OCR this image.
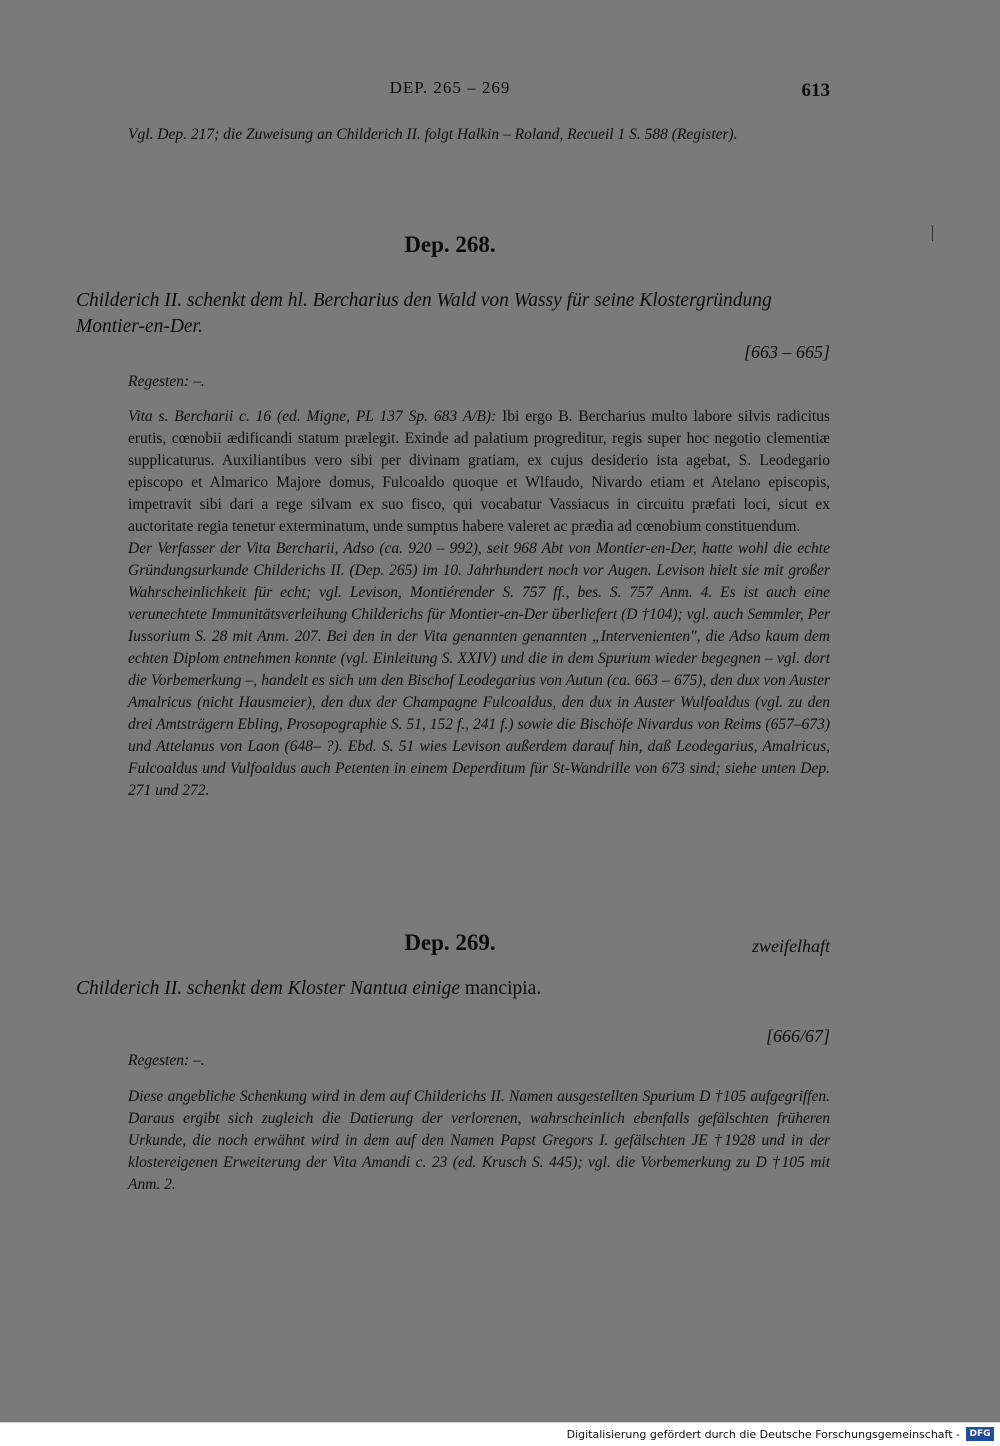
DEP. 265 – 269	613
Vgl. Dep. 217; die Zuweisung an Childerich II. folgt Halkin – Roland, Recueil 1 S. 588 (Register).
Dep. 268.
Childerich II. schenkt dem hl. Bercharius den Wald von Wassy für seine Klostergründung Montier-en-Der.
[663 – 665]
Regesten: –.

Vita s. Bercharii c. 16 (ed. Migne, PL 137 Sp. 683 A/B): Ibi ergo B. Bercharius multo labore silvis radicitus erutis, cœnobii ædificandi statum prælegit. Exinde ad palatium progreditur, regis super hoc negotio clementiæ supplicaturus. Auxiliantibus vero sibi per divinam gratiam, ex cujus desiderio ista agebat, S. Leodegario episcopo et Almarico Majore domus, Fulcoaldo quoque et Wlfaudo, Nivardo etiam et Atelano episcopis, impetravit sibi dari a rege silvam ex suo fisco, qui vocabatur Vassiacus in circuitu præfati loci, sicut ex auctoritate regia tenetur exterminatum, unde sumptus habere valeret ac prædia ad cœnobium constituendum.

Der Verfasser der Vita Bercharii, Adso (ca. 920 – 992), seit 968 Abt von Montier-en-Der, hatte wohl die echte Gründungsurkunde Childerichs II. (Dep. 265) im 10. Jahrhundert noch vor Augen. Levison hielt sie mit großer Wahrscheinlichkeit für echt; vgl. Levison, Montiérender S. 757 ff., bes. S. 757 Anm. 4. Es ist auch eine verunechtete Immunitätsverleihung Childerichs für Montier-en-Der überliefert (D †104); vgl. auch Semmler, Per Iussorium S. 28 mit Anm. 207. Bei den in der Vita genannten genannten „Intervenienten", die Adso kaum dem echten Diplom entnehmen konnte (vgl. Einleitung S. XXIV) und die in dem Spurium wieder begegnen – vgl. dort die Vorbemerkung –, handelt es sich um den Bischof Leodegarius von Autun (ca. 663 – 675), den dux von Auster Amalricus (nicht Hausmeier), den dux der Champagne Fulcoaldus, den dux in Auster Wulfoaldus (vgl. zu den drei Amtsträgern Ebling, Prosopographie S. 51, 152 f., 241 f.) sowie die Bischöfe Nivardus von Reims (657–673) und Attelanus von Laon (648– ?). Ebd. S. 51 wies Levison außerdem darauf hin, daß Leodegarius, Amalricus, Fulcoaldus und Vulfoaldus auch Petenten in einem Deperditum für St-Wandrille von 673 sind; siehe unten Dep. 271 und 272.

Dep. 269.	zweifelhaft
Childerich II. schenkt dem Kloster Nantua einige mancipia.
[666/67]
Regesten: –.
Diese angebliche Schenkung wird in dem auf Childerichs II. Namen ausgestellten Spurium D †105 aufgegriffen. Daraus ergibt sich zugleich die Datierung der verlorenen, wahrscheinlich ebenfalls gefälschten früheren Urkunde, die noch erwähnt wird in dem auf den Namen Papst Gregors I. gefälschten JE †1928 und in der klostereigenen Erweiterung der Vita Amandi c. 23 (ed. Krusch S. 445); vgl. die Vorbemerkung zu D †105 mit Anm. 2.
Digitalisierung gefördert durch die Deutsche Forschungsgemeinschaft -	DFG
